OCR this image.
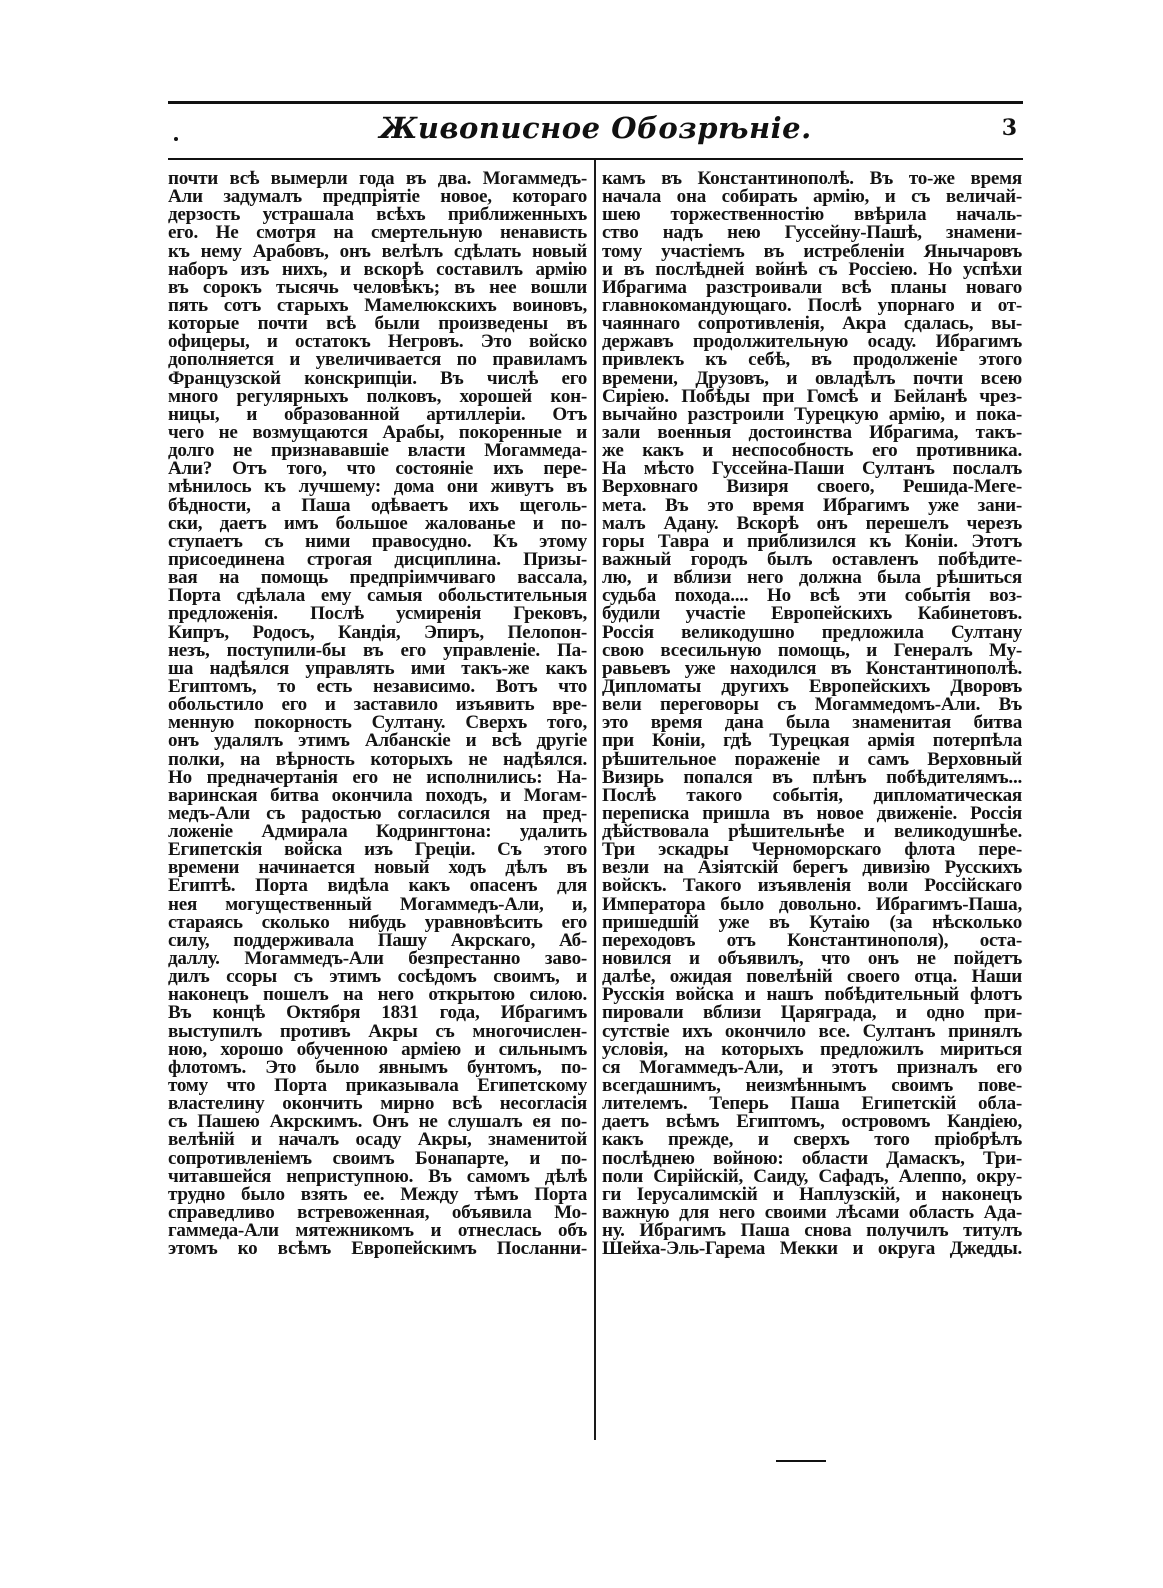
Живописное Обозрѣніе.	3
почти всѣ вымерли года въ два. Могаммедъ-
Али задумалъ предпріятіе новое, котораго
дерзость устрашала всѣхъ приближенныхъ
его. Не смотря на смертельную ненависть
къ нему Арабовъ, онъ велѣлъ сдѣлать новый
наборъ изъ нихъ, и вскорѣ составилъ армію
въ сорокъ тысячь человѣкъ; въ нее вошли
пять сотъ старыхъ Мамелюкскихъ воиновъ,
которые почти всѣ были произведены въ
офицеры, и остатокъ Негровъ. Это войско
дополняется и увеличивается по правиламъ
Французской конскрипціи. Въ числѣ его
много регулярныхъ полковъ, хорошей кон-
ницы, и образованной артиллеріи. Отъ
чего не возмущаются Арабы, покоренные и
долго не признававшіе власти Могаммеда-
Али? Отъ того, что состояніе ихъ пере-
мѣнилось къ лучшему: дома они живутъ въ
бѣдности, а Паша одѣваетъ ихъ щеголь-
ски, даетъ имъ большое жалованье и по-
ступаетъ съ ними правосудно. Къ этому
присоединена строгая дисциплина. Призы-
вая на помощь предпріимчиваго вассала,
Порта сдѣлала ему самыя обольстительныя
предложенія. Послѣ усмиренія Грековъ,
Кипръ, Родосъ, Кандія, Эпиръ, Пелопон-
незъ, поступили-бы въ его управленіе. Па-
ша надѣялся управлять ими такъ-же какъ
Египтомъ, то есть независимо. Вотъ что
обольстило его и заставило изъявить вре-
менную покорность Султану. Сверхъ того,
онъ удалялъ этимъ Албанскіе и всѣ другіе
полки, на вѣрность которыхъ не надѣялся.
Но предначертанія его не исполнились: На-
варинская битва окончила походъ, и Могам-
медъ-Али съ радостью согласился на пред-
ложеніе Адмирала Кодрингтона: удалить
Египетскія войска изъ Греціи. Съ этого
времени начинается новый ходъ дѣлъ въ
Египтѣ. Порта видѣла какъ опасенъ для
нея могущественный Могаммедъ-Али, и,
стараясь сколько нибудь уравновѣсить его
силу, поддерживала Пашу Акрскаго, Аб-
даллу. Могаммедъ-Али безпрестанно заво-
дилъ ссоры съ этимъ сосѣдомъ своимъ, и
наконецъ пошелъ на него открытою силою.
Въ концѣ Октября 1831 года, Ибрагимъ
выступилъ противъ Акры съ многочислен-
ною, хорошо обученною арміею и сильнымъ
флотомъ. Это было явнымъ бунтомъ, по-
тому что Порта приказывала Египетскому
властелину окончить мирно всѣ несогласія
съ Пашею Акрскимъ. Онъ не слушалъ ея по-
велѣній и началъ осаду Акры, знаменитой
сопротивленіемъ своимъ Бонапарте, и по-
читавшейся неприступною. Въ самомъ дѣлѣ
трудно было взять ее. Между тѣмъ Порта
справедливо встревоженная, объявила Мо-
гаммеда-Али мятежникомъ и отнеслась объ
этомъ ко всѣмъ Европейскимъ Посланни-
камъ въ Константинополѣ. Въ то-же время
начала она собирать армію, и съ величай-
шею торжественностію ввѣрила началь-
ство надъ нею Гуссейну-Пашѣ, знамени-
тому участіемъ въ истребленіи Янычаровъ
и въ послѣдней войнѣ съ Россіею. Но успѣхи
Ибрагима разстроивали всѣ планы новаго
главнокомандующаго. Послѣ упорнаго и от-
чаяннаго сопротивленія, Акра сдалась, вы-
державъ продолжительную осаду. Ибрагимъ
привлекъ къ себѣ, въ продолженіе этого
времени, Друзовъ, и овладѣлъ почти всею
Сиріею. Побѣды при Гомсѣ и Бейланѣ чрез-
вычайно разстроили Турецкую армію, и пока-
зали военныя достоинства Ибрагима, такъ-
же какъ и неспособность его противника.
На мѣсто Гуссейна-Паши Султанъ послалъ
Верховнаго Визиря своего, Решида-Меге-
мета. Въ это время Ибрагимъ уже зани-
малъ Адану. Вскорѣ онъ перешелъ черезъ
горы Тавра и приблизился къ Коніи. Этотъ
важный городъ былъ оставленъ побѣдите-
лю, и вблизи него должна была рѣшиться
судьба похода.... Но всѣ эти событія воз-
будили участіе Европейскихъ Кабинетовъ.
Россія великодушно предложила Султану
свою всесильную помощь, и Генералъ Му-
равьевъ уже находился въ Константинополѣ.
Дипломаты другихъ Европейскихъ Дворовъ
вели переговоры съ Могаммедомъ-Али. Въ
это время дана была знаменитая битва
при Коніи, гдѣ Турецкая армія потерпѣла
рѣшительное пораженіе и самъ Верховный
Визирь попался въ плѣнъ побѣдителямъ...
Послѣ такого событія, дипломатическая
переписка пришла въ новое движеніе. Россія
дѣйствовала рѣшительнѣе и великодушнѣе.
Три эскадры Черноморскаго флота пере-
везли на Азіятскій берегъ дивизію Русскихъ
войскъ. Такого изъявленія воли Россійскаго
Императора было довольно. Ибрагимъ-Паша,
пришедшій уже въ Кутаію (за нѣсколько
переходовъ отъ Константинополя), оста-
новился и объявилъ, что онъ не пойдетъ
далѣе, ожидая повелѣній своего отца. Наши
Русскія войска и нашъ побѣдительный флотъ
пировали вблизи Царяграда, и одно при-
сутствіе ихъ окончило все. Султанъ принялъ
условія, на которыхъ предложилъ мириться
ся Могаммедъ-Али, и этотъ призналъ его
всегдашнимъ, неизмѣннымъ своимъ пове-
лителемъ. Теперь Паша Египетскій обла-
даетъ всѣмъ Египтомъ, островомъ Кандіею,
какъ прежде, и сверхъ того пріобрѣлъ
послѣднею войною: области Дамаскъ, Три-
поли Сирійскій, Саиду, Сафадъ, Алеппо, окру-
ги Іерусалимскій и Наплузскій, и наконецъ
важную для него своими лѣсами область Ада-
ну. Ибрагимъ Паша снова получилъ титулъ
Шейха-Эль-Гарема Мекки и округа Джедды.
